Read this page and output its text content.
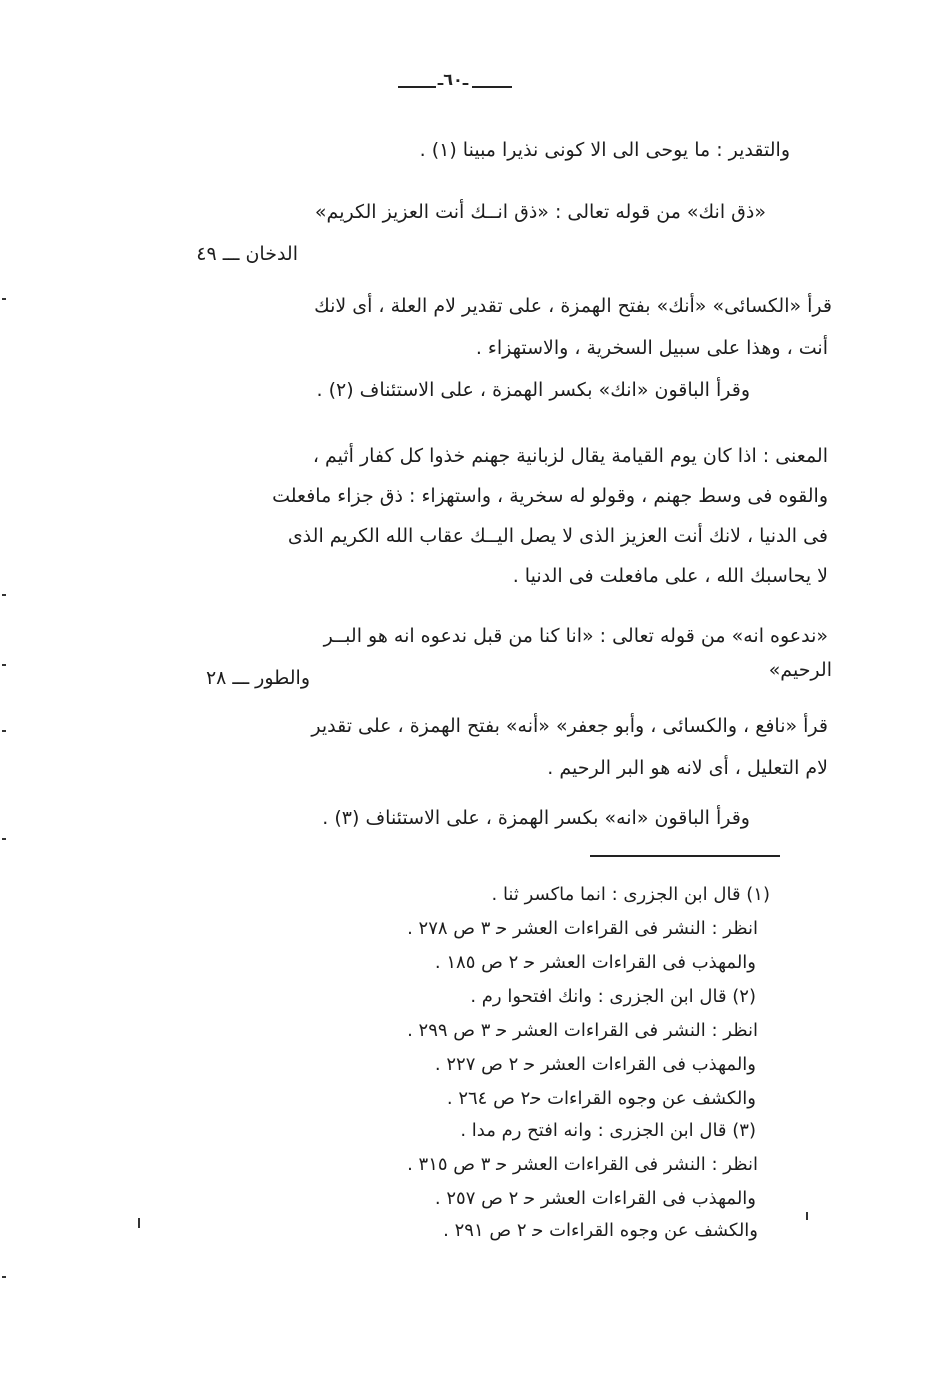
ـ٦٠ـ
والتقدير : ما يوحى الى الا كونى نذيرا مبينا (١) .
«ذق انك» من قوله تعالى : «ذق انــك أنت العزيز الكريم»
الدخان ـــ ٤٩
قرأ «الكسائى» «أنك» بفتح الهمزة ، على تقدير لام العلة ، أى لانك
أنت ، وهذا على سبيل السخرية ، والاستهزاء .
وقرأ الباقون «انك» بكسر الهمزة ، على الاستئناف (٢) .
المعنى : اذا كان يوم القيامة يقال لزبانية جهنم خذوا كل كفار أثيم ،
والقوه فى وسط جهنم ، وقولو له سخرية ، واستهزاء : ذق جزاء مافعلت
فى الدنيا ، لانك أنت العزيز الذى لا يصل اليــك عقاب الله الكريم الذى
لا يحاسبك الله ، على مافعلت فى الدنيا .
«ندعوه انه» من قوله تعالى : «انا كنا من قبل ندعوه انه هو البــر
الرحيم»
والطور ـــ ٢٨
قرأ «نافع ، والكسائى ، وأبو جعفر» «أنه» بفتح الهمزة ، على تقدير
لام التعليل ، أى لانه هو البر الرحيم .
وقرأ الباقون «انه» بكسر الهمزة ، على الاستئناف (٣) .
(١) قال ابن الجزرى : انما ماكسر ثنا .
انظر : النشر فى القراءات العشر ﺣ ٣ ص ٢٧٨ .
والمهذب فى القراءات العشر ﺣ ٢ ص ١٨٥ .
(٢) قال ابن الجزرى : وانك افتحوا رم .
انظر : النشر فى القراءات العشر ﺣ ٣ ص ٢٩٩ .
والمهذب فى القراءات العشر ﺣ ٢ ص ٢٢٧ .
والكشف عن وجوه القراءات ﺣ٢ ص ٢٦٤ .
(٣) قال ابن الجزرى : وانه افتح رم مدا .
انظر : النشر فى القراءات العشر ﺣ ٣ ص ٣١٥ .
والمهذب فى القراءات العشر ﺣ ٢ ص ٢٥٧ .
والكشف عن وجوه القراءات ﺣ ٢ ص ٢٩١ .
